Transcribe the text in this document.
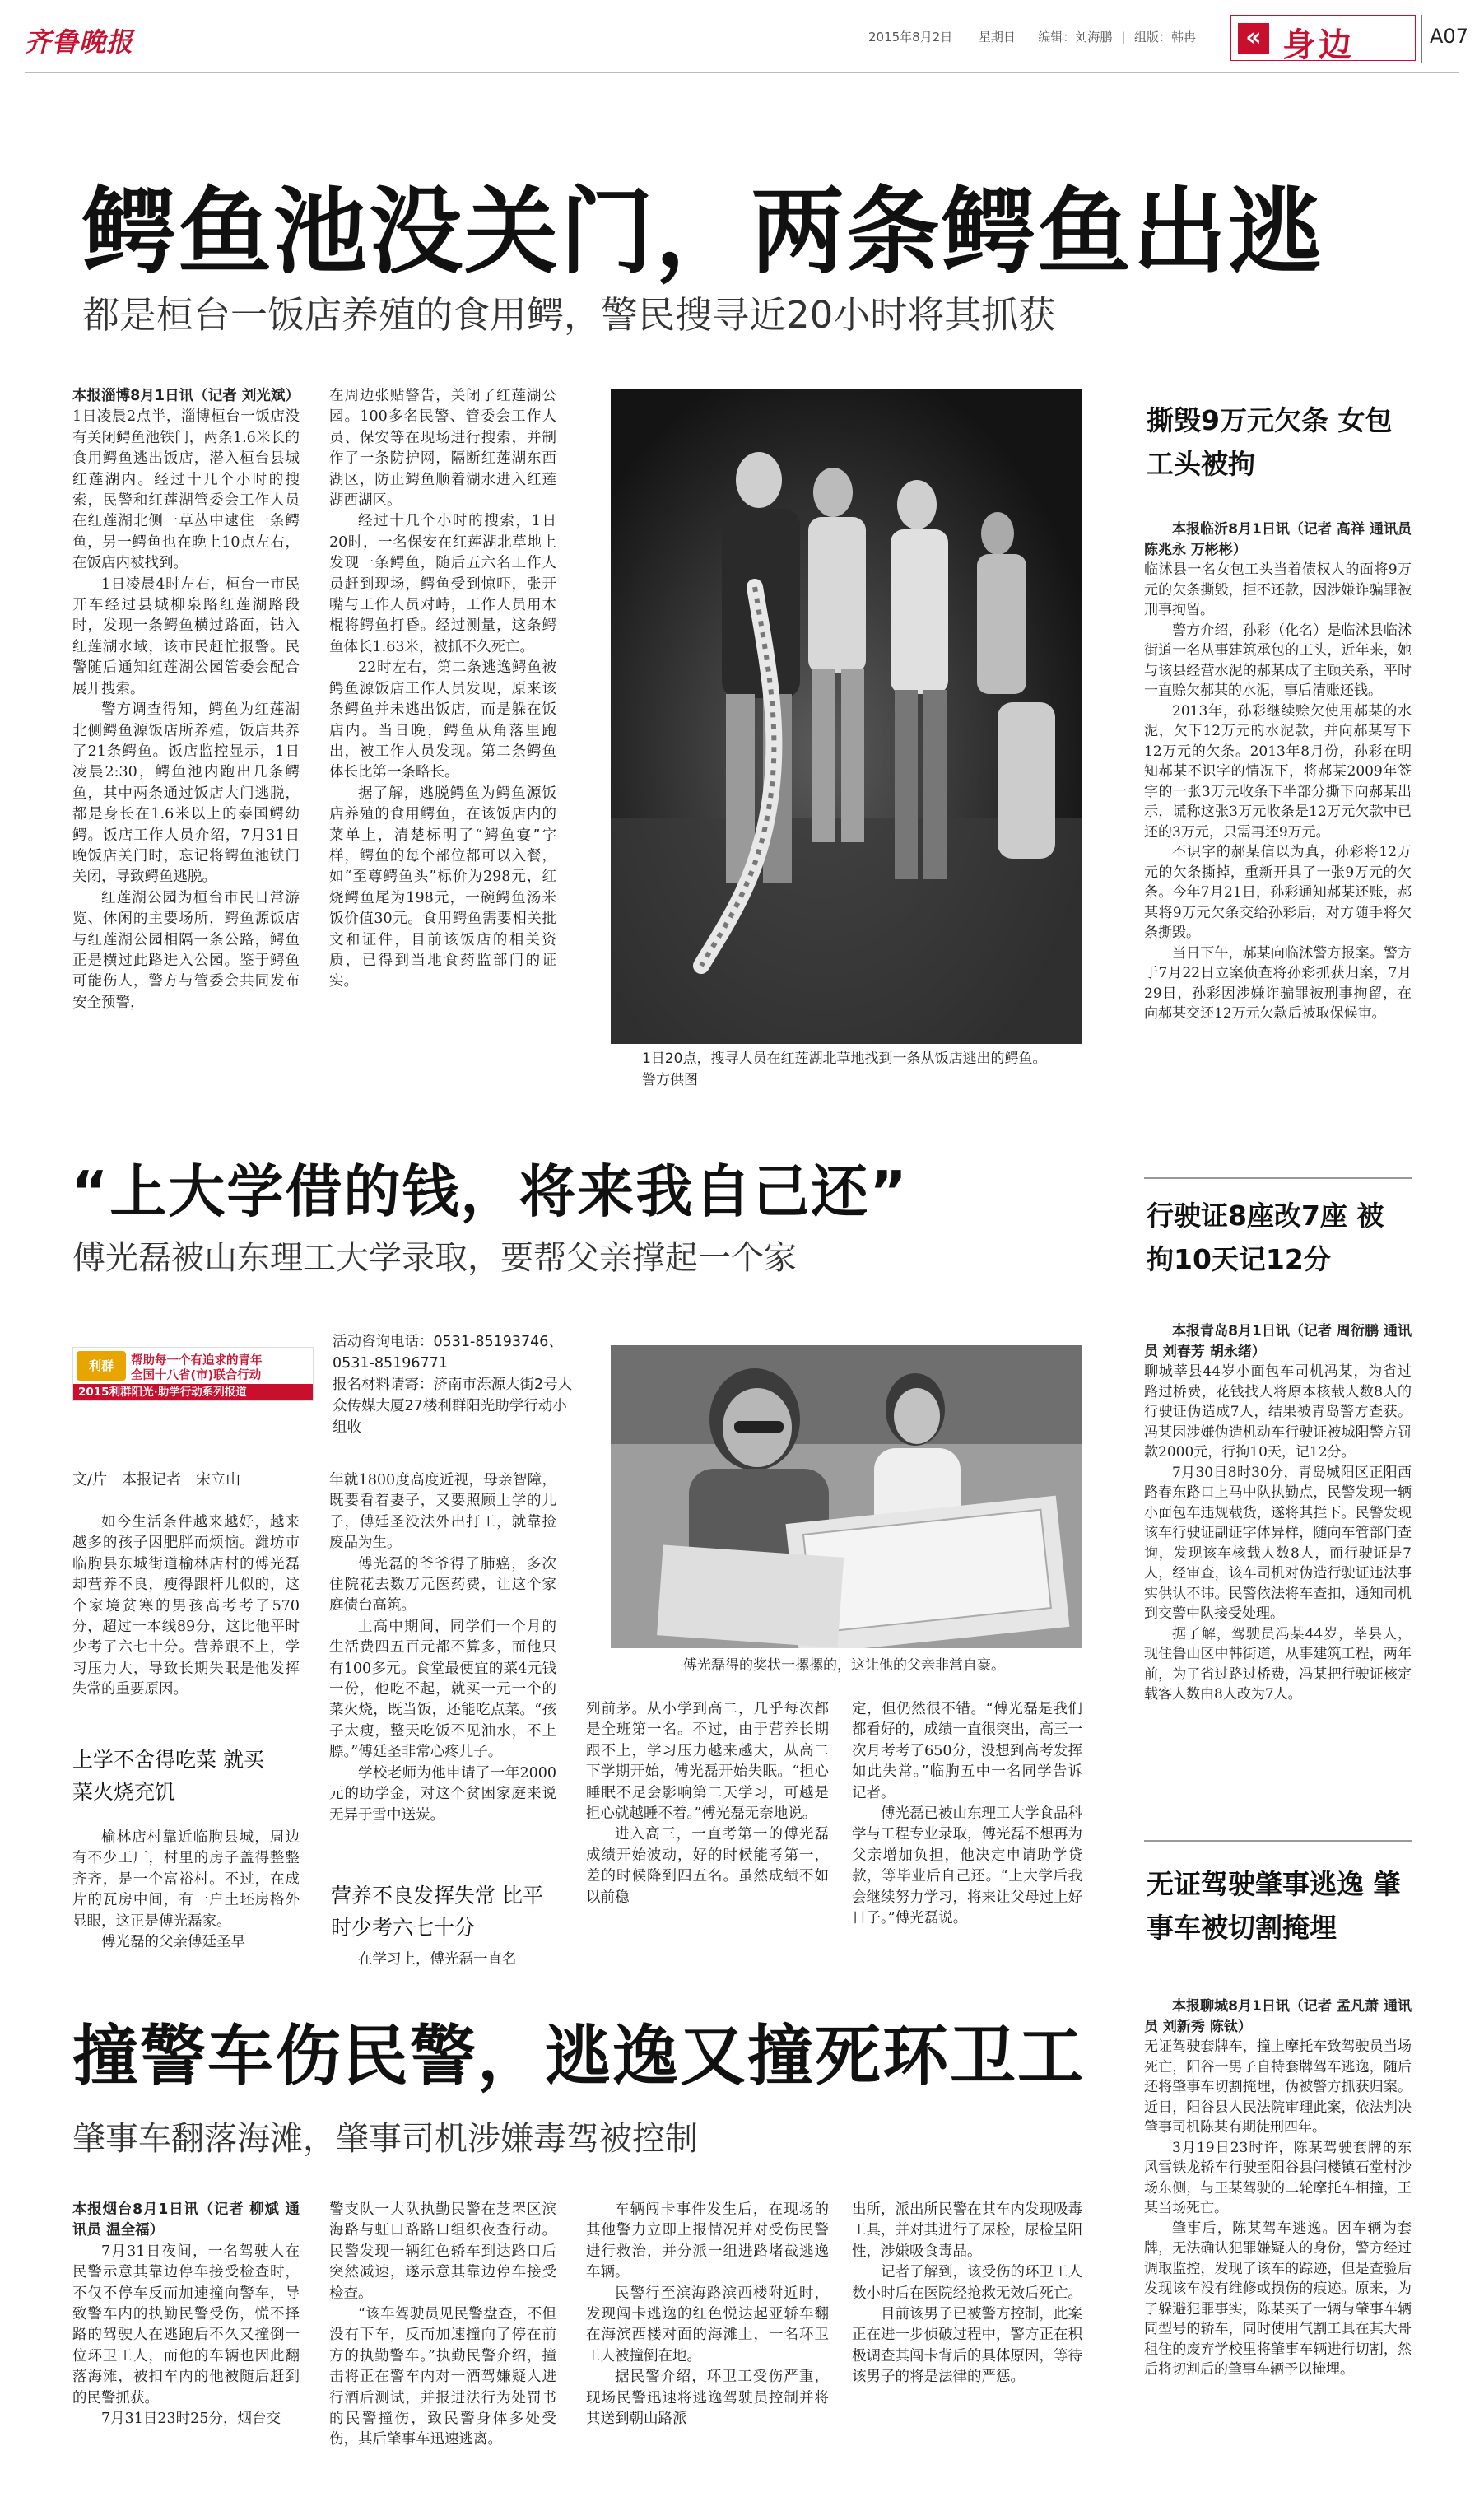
齐鲁晚报	2015年8月2日 星期日 编辑：刘海鹏 | 组版：韩冉	« 身边	A07
鳄鱼池没关门，两条鳄鱼出逃
都是桓台一饭店养殖的食用鳄，警民搜寻近20小时将其抓获

本报淄博8月1日讯（记者 刘光斌）1日凌晨2点半，淄博桓台一饭店没有关闭鳄鱼池铁门，两条1.6米长的食用鳄鱼逃出饭店，潜入桓台县城红莲湖内。经过十几个小时的搜索，民警和红莲湖管委会工作人员在红莲湖北侧一草丛中逮住一条鳄鱼，另一鳄鱼也在晚上10点左右，在饭店内被找到。

1日凌晨4时左右，桓台一市民开车经过县城柳泉路红莲湖路段时，发现一条鳄鱼横过路面，钻入红莲湖水域，该市民赶忙报警。民警随后通知红莲湖公园管委会配合展开搜索。

警方调查得知，鳄鱼为红莲湖北侧鳄鱼源饭店所养殖，饭店共养了21条鳄鱼。饭店监控显示，1日凌晨2:30，鳄鱼池内跑出几条鳄鱼，其中两条通过饭店大门逃脱，都是身长在1.6米以上的泰国鳄幼鳄。饭店工作人员介绍，7月31日晚饭店关门时，忘记将鳄鱼池铁门关闭，导致鳄鱼逃脱。

红莲湖公园为桓台市民日常游览、休闲的主要场所，鳄鱼源饭店与红莲湖公园相隔一条公路，鳄鱼正是横过此路进入公园。鉴于鳄鱼可能伤人，警方与管委会共同发布安全预警，

在周边张贴警告，关闭了红莲湖公园。100多名民警、管委会工作人员、保安等在现场进行搜索，并制作了一条防护网，隔断红莲湖东西湖区，防止鳄鱼顺着湖水进入红莲湖西湖区。

经过十几个小时的搜索，1日20时，一名保安在红莲湖北草地上发现一条鳄鱼，随后五六名工作人员赶到现场，鳄鱼受到惊吓，张开嘴与工作人员对峙，工作人员用木棍将鳄鱼打昏。经过测量，这条鳄鱼体长1.63米，被抓不久死亡。

22时左右，第二条逃逸鳄鱼被鳄鱼源饭店工作人员发现，原来该条鳄鱼并未逃出饭店，而是躲在饭店内。当日晚，鳄鱼从角落里跑出，被工作人员发现。第二条鳄鱼体长比第一条略长。

据了解，逃脱鳄鱼为鳄鱼源饭店养殖的食用鳄鱼，在该饭店内的菜单上，清楚标明了“鳄鱼宴”字样，鳄鱼的每个部位都可以入餐，如“至尊鳄鱼头”标价为298元，红烧鳄鱼尾为198元，一碗鳄鱼汤米饭价值30元。食用鳄鱼需要相关批文和证件，目前该饭店的相关资质，已得到当地食药监部门的证实。

1日20点，搜寻人员在红莲湖北草地找到一条从饭店逃出的鳄鱼。　　　　　　　　　　　　警方供图
撕毁9万元欠条 女包工头被拘

本报临沂8月1日讯（记者 高祥 通讯员 陈兆永 万彬彬）

临沭县一名女包工头当着债权人的面将9万元的欠条撕毁，拒不还款，因涉嫌诈骗罪被刑事拘留。

警方介绍，孙彩（化名）是临沭县临沭街道一名从事建筑承包的工头，近年来，她与该县经营水泥的郝某成了主顾关系，平时一直赊欠郝某的水泥，事后清账还钱。

2013年，孙彩继续赊欠使用郝某的水泥，欠下12万元的水泥款，并向郝某写下12万元的欠条。2013年8月份，孙彩在明知郝某不识字的情况下，将郝某2009年签字的一张3万元收条下半部分撕下向郝某出示，谎称这张3万元收条是12万元欠款中已还的3万元，只需再还9万元。

不识字的郝某信以为真，孙彩将12万元的欠条撕掉，重新开具了一张9万元的欠条。今年7月21日，孙彩通知郝某还账，郝某将9万元欠条交给孙彩后，对方随手将欠条撕毁。

当日下午，郝某向临沭警方报案。警方于7月22日立案侦查将孙彩抓获归案，7月29日，孙彩因涉嫌诈骗罪被刑事拘留，在向郝某交还12万元欠款后被取保候审。

“上大学借的钱，将来我自己还”
傅光磊被山东理工大学录取，要帮父亲撑起一个家
利群	帮助每一个有追求的青年
全国十八省(市)联合行动
2015利群阳光·助学行动系列报道
活动咨询电话：0531-85193746、0531-85196771
报名材料请寄：济南市泺源大街2号大众传媒大厦27楼利群阳光助学行动小组收
傅光磊得的奖状一摞摞的，这让他的父亲非常自豪。
文/片　本报记者　宋立山

如今生活条件越来越好，越来越多的孩子因肥胖而烦恼。潍坊市临朐县东城街道榆林店村的傅光磊却营养不良，瘦得跟杆儿似的，这个家境贫寒的男孩高考考了570分，超过一本线89分，这比他平时少考了六七十分。营养跟不上，学习压力大，导致长期失眠是他发挥失常的重要原因。

上学不舍得吃菜 就买菜火烧充饥

榆林店村靠近临朐县城，周边有不少工厂，村里的房子盖得整整齐齐，是一个富裕村。不过，在成片的瓦房中间，有一户土坯房格外显眼，这正是傅光磊家。

傅光磊的父亲傅廷圣早

年就1800度高度近视，母亲智障，既要看着妻子，又要照顾上学的儿子，傅廷圣没法外出打工，就靠捡废品为生。

傅光磊的爷爷得了肺癌，多次住院花去数万元医药费，让这个家庭债台高筑。

上高中期间，同学们一个月的生活费四五百元都不算多，而他只有100多元。食堂最便宜的菜4元钱一份，他吃不起，就买一元一个的菜火烧，既当饭，还能吃点菜。“孩子太瘦，整天吃饭不见油水，不上膘。”傅廷圣非常心疼儿子。

学校老师为他申请了一年2000元的助学金，对这个贫困家庭来说无异于雪中送炭。

营养不良发挥失常 比平时少考六七十分

在学习上，傅光磊一直名

列前茅。从小学到高二，几乎每次都是全班第一名。不过，由于营养长期跟不上，学习压力越来越大，从高二下学期开始，傅光磊开始失眠。“担心睡眠不足会影响第二天学习，可越是担心就越睡不着。”傅光磊无奈地说。

进入高三，一直考第一的傅光磊成绩开始波动，好的时候能考第一，差的时候降到四五名。虽然成绩不如以前稳

定，但仍然很不错。“傅光磊是我们都看好的，成绩一直很突出，高三一次月考考了650分，没想到高考发挥如此失常。”临朐五中一名同学告诉记者。

傅光磊已被山东理工大学食品科学与工程专业录取，傅光磊不想再为父亲增加负担，他决定申请助学贷款，等毕业后自己还。“上大学后我会继续努力学习，将来让父母过上好日子。”傅光磊说。

行驶证8座改7座 被拘10天记12分

本报青岛8月1日讯（记者 周衍鹏 通讯员 刘春芳 胡永绪）

聊城莘县44岁小面包车司机冯某，为省过路过桥费，花钱找人将原本核载人数8人的行驶证伪造成7人，结果被青岛警方查获。冯某因涉嫌伪造机动车行驶证被城阳警方罚款2000元，行拘10天，记12分。

7月30日8时30分，青岛城阳区正阳西路春东路口上马中队执勤点，民警发现一辆小面包车违规载货，遂将其拦下。民警发现该车行驶证副证字体异样，随向车管部门查询，发现该车核载人数8人，而行驶证是7人，经审查，该车司机对伪造行驶证违法事实供认不讳。民警依法将车查扣，通知司机到交警中队接受处理。

据了解，驾驶员冯某44岁，莘县人，现住鲁山区中韩街道，从事建筑工程，两年前，为了省过路过桥费，冯某把行驶证核定载客人数由8人改为7人。

无证驾驶肇事逃逸 肇事车被切割掩埋

本报聊城8月1日讯（记者 孟凡萧 通讯员 刘新秀 陈钛）

无证驾驶套牌车，撞上摩托车致驾驶员当场死亡，阳谷一男子自特套牌驾车逃逸，随后还将肇事车切割掩埋，伪被警方抓获归案。近日，阳谷县人民法院审理此案，依法判决肇事司机陈某有期徒刑四年。

3月19日23时许，陈某驾驶套牌的东风雪铁龙轿车行驶至阳谷县闫楼镇石堂村沙场东侧，与王某驾驶的二轮摩托车相撞，王某当场死亡。

肇事后，陈某驾车逃逸。因车辆为套牌，无法确认犯罪嫌疑人的身份，警方经过调取监控，发现了该车的踪迹，但是查验后发现该车没有维修或损伤的痕迹。原来，为了躲避犯罪事实，陈某买了一辆与肇事车辆同型号的轿车，同时使用气割工具在其大哥租住的废弃学校里将肇事车辆进行切割，然后将切割后的肇事车辆予以掩埋。

撞警车伤民警，逃逸又撞死环卫工
肇事车翻落海滩，肇事司机涉嫌毒驾被控制

本报烟台8月1日讯（记者 柳斌 通讯员 温全福）

7月31日夜间，一名驾驶人在民警示意其靠边停车接受检查时，不仅不停车反而加速撞向警车，导致警车内的执勤民警受伤，慌不择路的驾驶人在逃跑后不久又撞倒一位环卫工人，而他的车辆也因此翻落海滩，被扣车内的他被随后赶到的民警抓获。

7月31日23时25分，烟台交

警支队一大队执勤民警在芝罘区滨海路与虹口路路口组织夜查行动。民警发现一辆红色轿车到达路口后突然减速，遂示意其靠边停车接受检查。

“该车驾驶员见民警盘查，不但没有下车，反而加速撞向了停在前方的执勤警车。”执勤民警介绍，撞击将正在警车内对一酒驾嫌疑人进行酒后测试，并报进法行为处罚书的民警撞伤，致民警身体多处受伤，其后肇事车迅速逃离。

车辆闯卡事件发生后，在现场的其他警力立即上报情况并对受伤民警进行救治，并分派一组进路堵截逃逸车辆。

民警行至滨海路滨西楼附近时，发现闯卡逃逸的红色悦达起亚轿车翻在海滨西楼对面的海滩上，一名环卫工人被撞倒在地。

据民警介绍，环卫工受伤严重，现场民警迅速将逃逸驾驶员控制并将其送到朝山路派

出所，派出所民警在其车内发现吸毒工具，并对其进行了尿检，尿检呈阳性，涉嫌吸食毒品。

记者了解到，该受伤的环卫工人数小时后在医院经抢救无效后死亡。

目前该男子已被警方控制，此案正在进一步侦破过程中，警方正在积极调查其闯卡背后的具体原因，等待该男子的将是法律的严惩。
